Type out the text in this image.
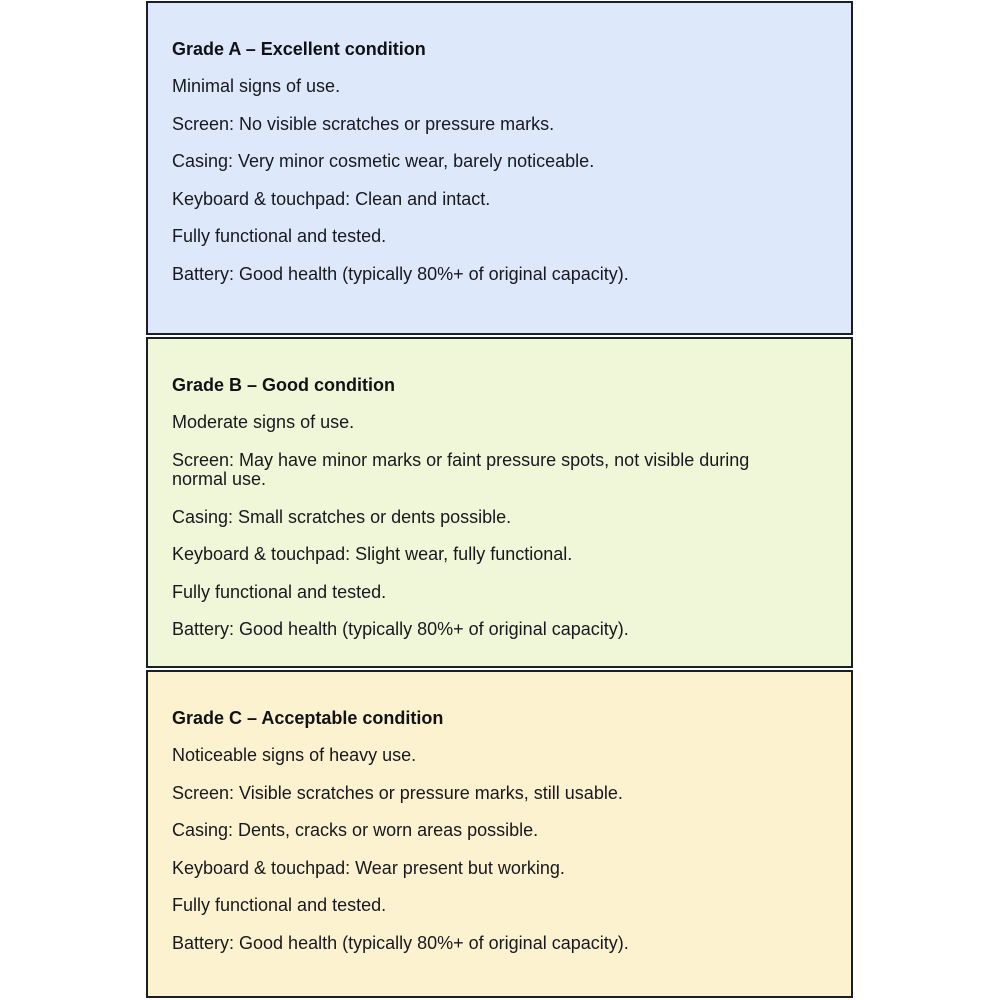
Grade A – Excellent condition

Minimal signs of use.

Screen: No visible scratches or pressure marks.

Casing: Very minor cosmetic wear, barely noticeable.

Keyboard & touchpad: Clean and intact.

Fully functional and tested.

Battery: Good health (typically 80%+ of original capacity).

Grade B – Good condition

Moderate signs of use.

Screen: May have minor marks or faint pressure spots, not visible during normal use.

Casing: Small scratches or dents possible.

Keyboard & touchpad: Slight wear, fully functional.

Fully functional and tested.

Battery: Good health (typically 80%+ of original capacity).

Grade C – Acceptable condition

Noticeable signs of heavy use.

Screen: Visible scratches or pressure marks, still usable.

Casing: Dents, cracks or worn areas possible.

Keyboard & touchpad: Wear present but working.

Fully functional and tested.

Battery: Good health (typically 80%+ of original capacity).
